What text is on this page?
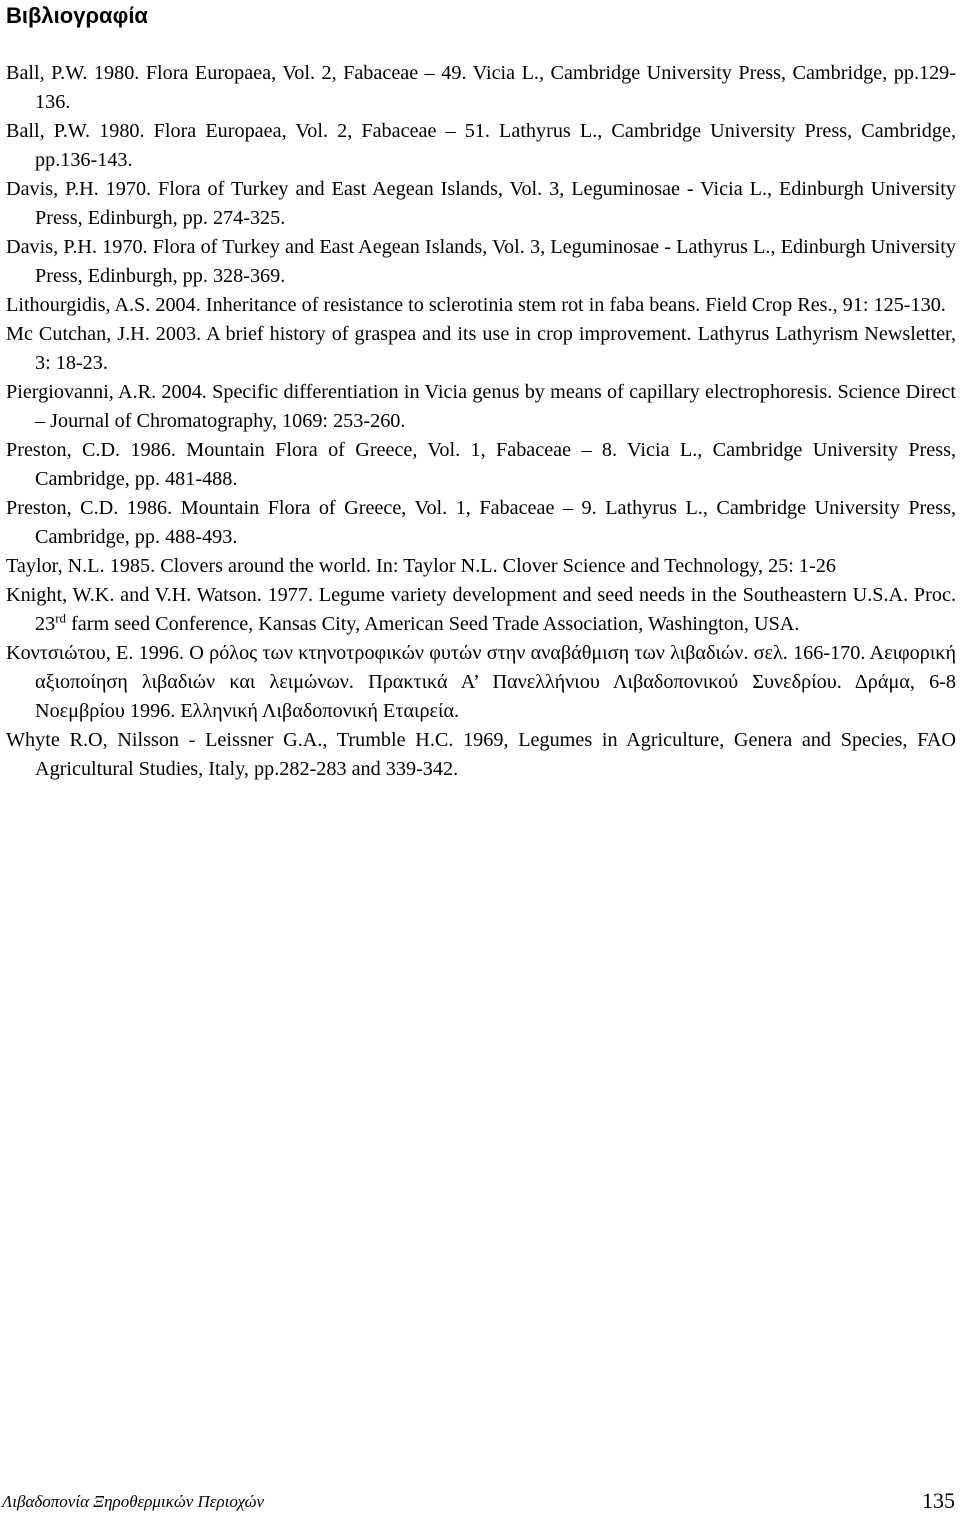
Βιβλιογραφία
Ball, P.W. 1980. Flora Europaea, Vol. 2, Fabaceae – 49. Vicia L., Cambridge University Press, Cambridge, pp.129-136.
Ball, P.W. 1980. Flora Europaea, Vol. 2, Fabaceae – 51. Lathyrus L., Cambridge University Press, Cambridge, pp.136-143.
Davis, P.H. 1970. Flora of Turkey and East Aegean Islands, Vol. 3, Leguminosae - Vicia L., Edinburgh University Press, Edinburgh, pp. 274-325.
Davis, P.H. 1970. Flora of Turkey and East Aegean Islands, Vol. 3, Leguminosae - Lathyrus L., Edinburgh University Press, Edinburgh, pp. 328-369.
Lithourgidis, A.S. 2004. Inheritance of resistance to sclerotinia stem rot in faba beans. Field Crop Res., 91: 125-130.
Mc Cutchan, J.H. 2003. A brief history of graspea and its use in crop improvement. Lathyrus Lathyrism Newsletter, 3: 18-23.
Piergiovanni, A.R. 2004. Specific differentiation in Vicia genus by means of capillary electrophoresis. Science Direct – Journal of Chromatography, 1069: 253-260.
Preston, C.D. 1986. Mountain Flora of Greece, Vol. 1, Fabaceae – 8. Vicia L., Cambridge University Press, Cambridge, pp. 481-488.
Preston, C.D. 1986. Mountain Flora of Greece, Vol. 1, Fabaceae – 9. Lathyrus L., Cambridge University Press, Cambridge, pp. 488-493.
Taylor, N.L. 1985. Clovers around the world. In: Taylor N.L. Clover Science and Technology, 25: 1-26
Knight, W.K. and V.H. Watson. 1977. Legume variety development and seed needs in the Southeastern U.S.A. Proc. 23rd farm seed Conference, Kansas City, American Seed Trade Association, Washington, USA.
Κοντσιώτου, Ε. 1996. Ο ρόλος των κτηνοτροφικών φυτών στην αναβάθμιση των λιβαδιών. σελ. 166-170. Αειφορική αξιοποίηση λιβαδιών και λειμώνων. Πρακτικά Α’ Πανελλήνιου Λιβαδοπονικού Συνεδρίου. Δράμα, 6-8 Νοεμβρίου 1996. Ελληνική Λιβαδοπονική Εταιρεία.
Whyte R.O, Nilsson - Leissner G.A., Trumble H.C. 1969, Legumes in Agriculture, Genera and Species, FAO Agricultural Studies, Italy, pp.282-283 and 339-342.
Λιβαδοπονία Ξηροθερμικών Περιοχών	135
